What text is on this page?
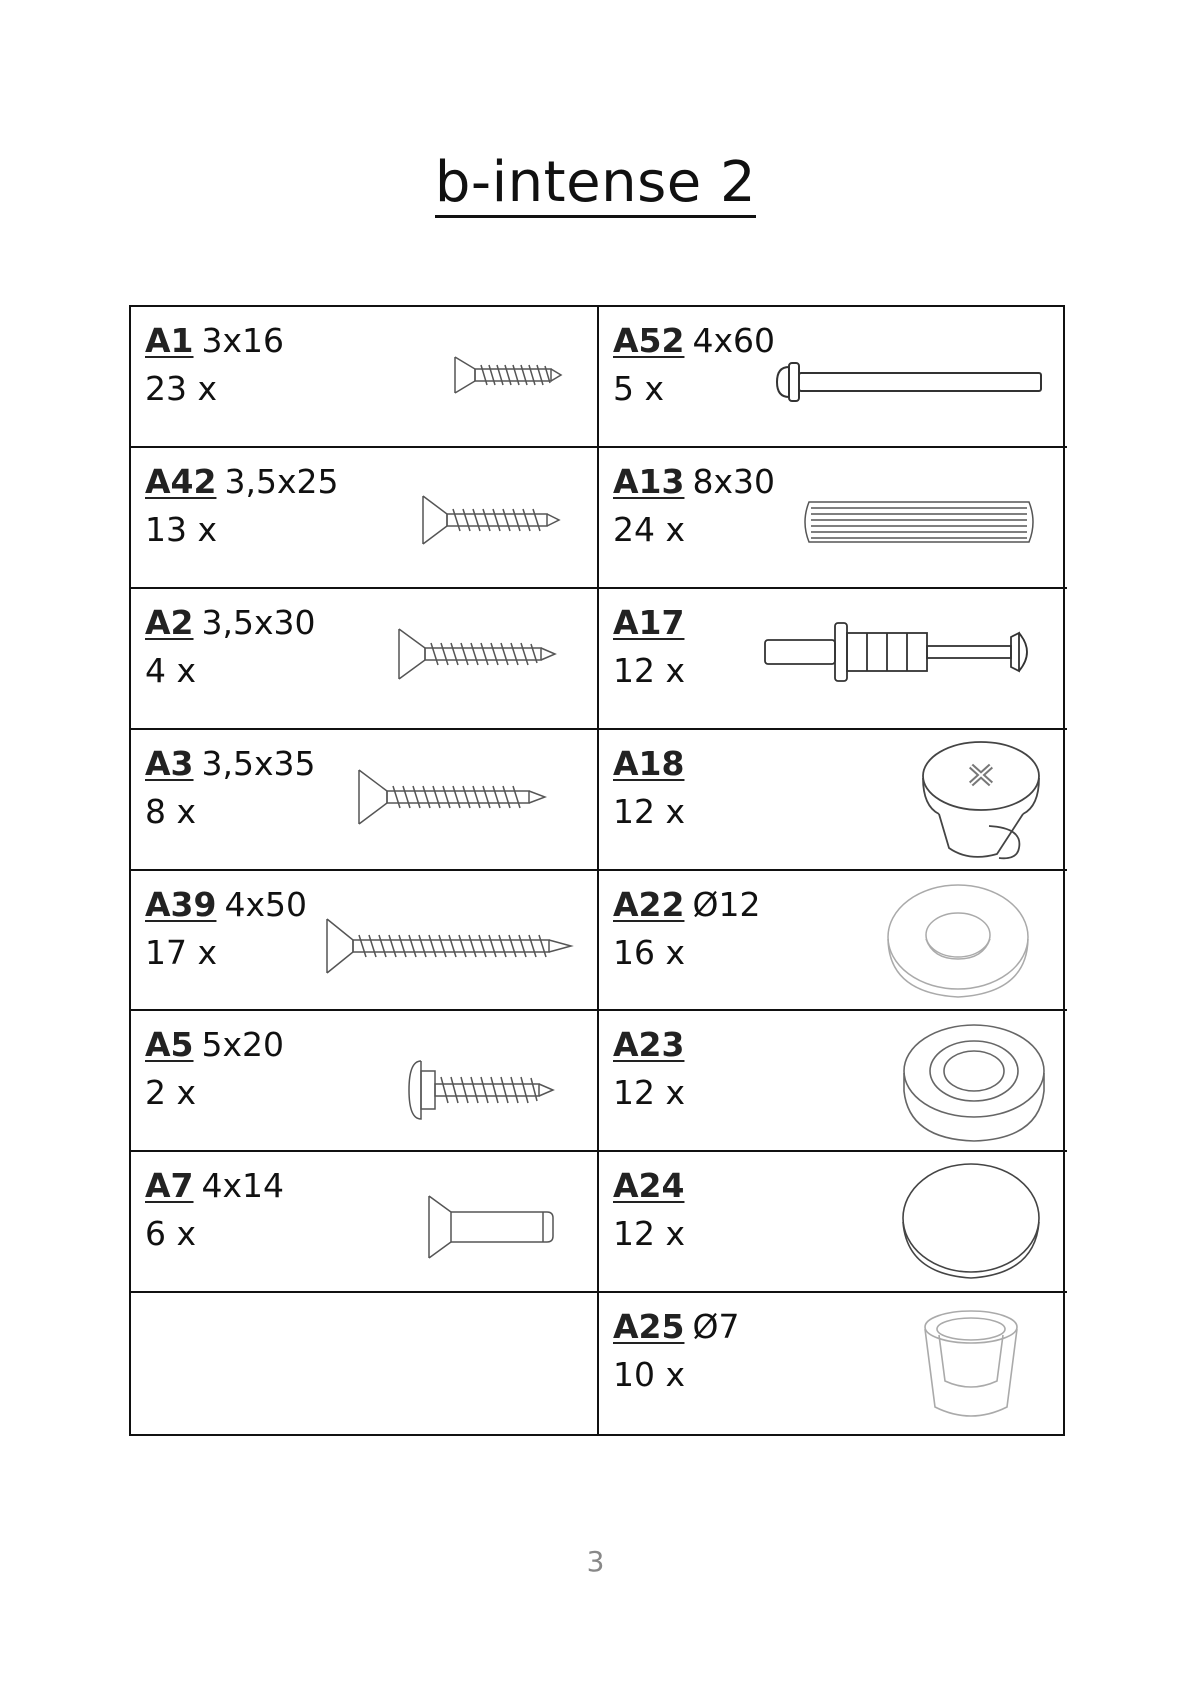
b-intense 2
A1 3x16
23 x
A52 4x60
5 x
A42 3,5x25
13 x
A13 8x30
24 x
A2 3,5x30
4 x
A17
12 x
A3 3,5x35
8 x
A18
12 x
A39 4x50
17 x
A22 Ø12
16 x
A5 5x20
2 x
A23
12 x
A7 4x14
6 x
A24
12 x
A25 Ø7
10 x
3
